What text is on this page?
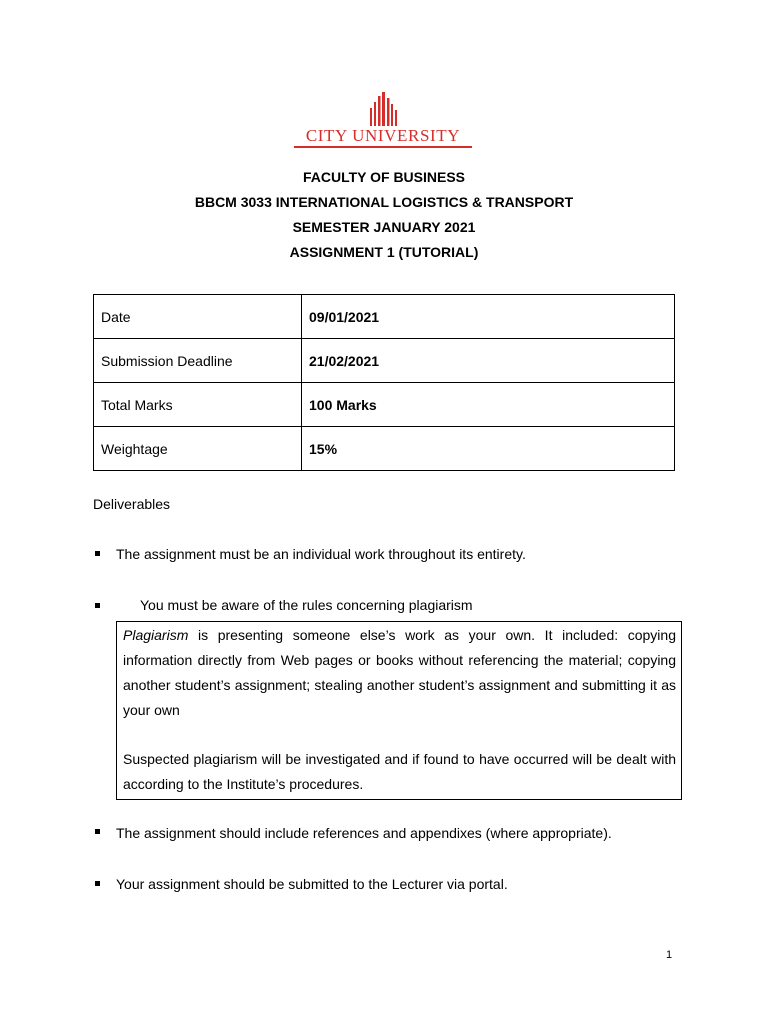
CITY UNIVERSITY
FACULTY OF BUSINESS
BBCM 3033 INTERNATIONAL LOGISTICS & TRANSPORT
SEMESTER JANUARY 2021
ASSIGNMENT 1 (TUTORIAL)
Date	09/01/2021
Submission Deadline	21/02/2021
Total Marks	100 Marks
Weightage	15%
Deliverables
The assignment must be an individual work throughout its entirety.
You must be aware of the rules concerning plagiarism

Plagiarism is presenting someone else’s work as your own. It included: copying information directly from Web pages or books without referencing the material; copying another student’s assignment; stealing another student’s assignment and submitting it as your own

Suspected plagiarism will be investigated and if found to have occurred will be dealt with according to the Institute’s procedures.

The assignment should include references and appendixes (where appropriate).
Your assignment should be submitted to the Lecturer via portal.
1
